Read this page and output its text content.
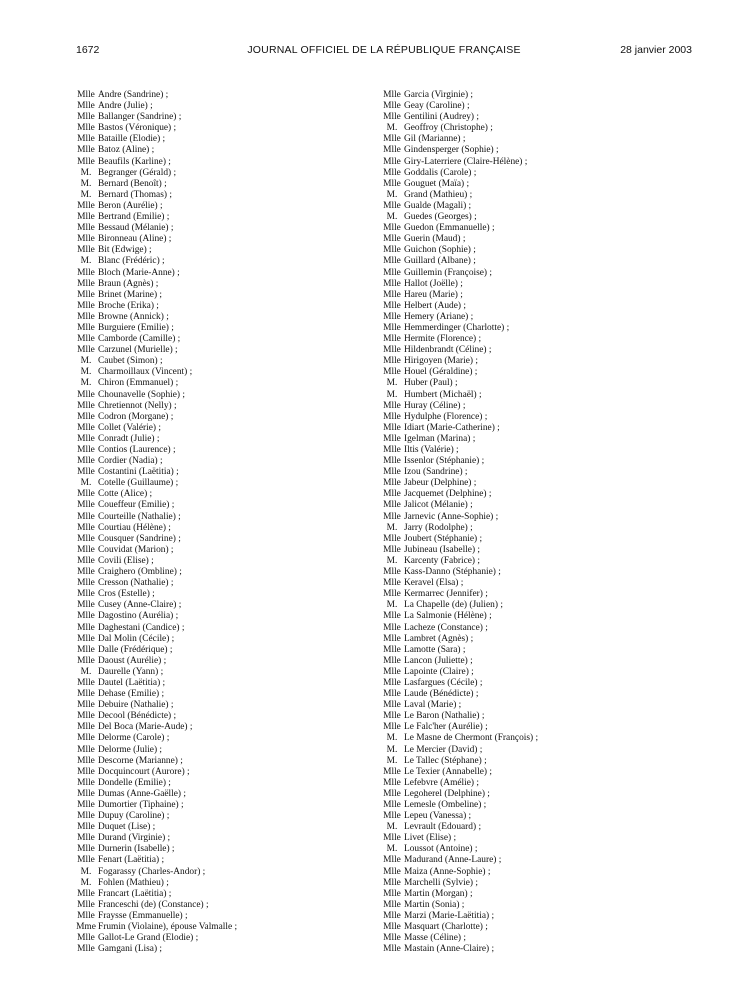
1672	JOURNAL OFFICIEL DE LA RÉPUBLIQUE FRANÇAISE	28 janvier 2003
Mlle Andre (Sandrine) ;
Mlle Andre (Julie) ;
Mlle Ballanger (Sandrine) ;
Mlle Bastos (Véronique) ;
Mlle Bataille (Elodie) ;
Mlle Batoz (Aline) ;
Mlle Beaufils (Karline) ;
M. Begranger (Gérald) ;
M. Bernard (Benoît) ;
M. Bernard (Thomas) ;
Mlle Beron (Aurélie) ;
Mlle Bertrand (Emilie) ;
Mlle Bessaud (Mélanie) ;
Mlle Bironneau (Aline) ;
Mlle Bit (Edwige) ;
M. Blanc (Frédéric) ;
Mlle Bloch (Marie-Anne) ;
Mlle Braun (Agnès) ;
Mlle Brinet (Marine) ;
Mlle Broche (Erika) ;
Mlle Browne (Annick) ;
Mlle Burguiere (Emilie) ;
Mlle Camborde (Camille) ;
Mlle Carzunel (Murielle) ;
M. Caubet (Simon) ;
M. Charmoillaux (Vincent) ;
M. Chiron (Emmanuel) ;
Mlle Chounavelle (Sophie) ;
Mlle Chretiennot (Nelly) ;
Mlle Codron (Morgane) ;
Mlle Collet (Valérie) ;
Mlle Conradt (Julie) ;
Mlle Contios (Laurence) ;
Mlle Cordier (Nadia) ;
Mlle Costantini (Laëtitia) ;
M. Cotelle (Guillaume) ;
Mlle Cotte (Alice) ;
Mlle Coueffeur (Emilie) ;
Mlle Courteille (Nathalie) ;
Mlle Courtiau (Hélène) ;
Mlle Cousquer (Sandrine) ;
Mlle Couvidat (Marion) ;
Mlle Covili (Elise) ;
Mlle Craighero (Ombline) ;
Mlle Cresson (Nathalie) ;
Mlle Cros (Estelle) ;
Mlle Cusey (Anne-Claire) ;
Mlle Dagostino (Aurélia) ;
Mlle Daghestani (Candice) ;
Mlle Dal Molin (Cécile) ;
Mlle Dalle (Frédérique) ;
Mlle Daoust (Aurélie) ;
M. Daurelle (Yann) ;
Mlle Dautel (Laëtitia) ;
Mlle Dehase (Emilie) ;
Mlle Debuire (Nathalie) ;
Mlle Decool (Bénédicte) ;
Mlle Del Boca (Marie-Aude) ;
Mlle Delorme (Carole) ;
Mlle Delorme (Julie) ;
Mlle Descorne (Marianne) ;
Mlle Docquincourt (Aurore) ;
Mlle Dondelle (Emilie) ;
Mlle Dumas (Anne-Gaëlle) ;
Mlle Dumortier (Tiphaine) ;
Mlle Dupuy (Caroline) ;
Mlle Duquet (Lise) ;
Mlle Durand (Virginie) ;
Mlle Durnerin (Isabelle) ;
Mlle Fenart (Laëtitia) ;
M. Fogarassy (Charles-Andor) ;
M. Fohlen (Mathieu) ;
Mlle Francart (Laëtitia) ;
Mlle Franceschi (de) (Constance) ;
Mlle Fraysse (Emmanuelle) ;
Mme Frumin (Violaine), épouse Valmalle ;
Mlle Gallot-Le Grand (Elodie) ;
Mlle Gamgani (Lisa) ;
Mlle Garcia (Virginie) ;
Mlle Geay (Caroline) ;
Mlle Gentilini (Audrey) ;
M. Geoffroy (Christophe) ;
Mlle Gil (Marianne) ;
Mlle Gindensperger (Sophie) ;
Mlle Giry-Laterriere (Claire-Hélène) ;
Mlle Goddalis (Carole) ;
Mlle Gouguet (Maïa) ;
M. Grand (Mathieu) ;
Mlle Gualde (Magali) ;
M. Guedes (Georges) ;
Mlle Guedon (Emmanuelle) ;
Mlle Guerin (Maud) ;
Mlle Guichon (Sophie) ;
Mlle Guillard (Albane) ;
Mlle Guillemin (Françoise) ;
Mlle Hallot (Joëlle) ;
Mlle Hareu (Marie) ;
Mlle Helbert (Aude) ;
Mlle Hemery (Ariane) ;
Mlle Hemmerdinger (Charlotte) ;
Mlle Hermite (Florence) ;
Mlle Hildenbrandt (Céline) ;
Mlle Hirigoyen (Marie) ;
Mlle Houel (Géraldine) ;
M. Huber (Paul) ;
M. Humbert (Michaël) ;
Mlle Huray (Céline) ;
Mlle Hydulphe (Florence) ;
Mlle Idiart (Marie-Catherine) ;
Mlle Igelman (Marina) ;
Mlle Iltis (Valérie) ;
Mlle Issenlor (Stéphanie) ;
Mlle Izou (Sandrine) ;
Mlle Jabeur (Delphine) ;
Mlle Jacquemet (Delphine) ;
Mlle Jalicot (Mélanie) ;
Mlle Jarnevic (Anne-Sophie) ;
M. Jarry (Rodolphe) ;
Mlle Joubert (Stéphanie) ;
Mlle Jubineau (Isabelle) ;
M. Karcenty (Fabrice) ;
Mlle Kass-Danno (Stéphanie) ;
Mlle Keravel (Elsa) ;
Mlle Kermarrec (Jennifer) ;
M. La Chapelle (de) (Julien) ;
Mlle La Salmonie (Hélène) ;
Mlle Lacheze (Constance) ;
Mlle Lambret (Agnès) ;
Mlle Lamotte (Sara) ;
Mlle Lancon (Juliette) ;
Mlle Lapointe (Claire) ;
Mlle Lasfargues (Cécile) ;
Mlle Laude (Bénédicte) ;
Mlle Laval (Marie) ;
Mlle Le Baron (Nathalie) ;
Mlle Le Falc'her (Aurélie) ;
M. Le Masne de Chermont (François) ;
M. Le Mercier (David) ;
M. Le Tallec (Stéphane) ;
Mlle Le Texier (Annabelle) ;
Mlle Lefebvre (Amélie) ;
Mlle Legoherel (Delphine) ;
Mlle Lemesle (Ombeline) ;
Mlle Lepeu (Vanessa) ;
M. Levrault (Edouard) ;
Mlle Livet (Elise) ;
M. Loussot (Antoine) ;
Mlle Madurand (Anne-Laure) ;
Mlle Maiza (Anne-Sophie) ;
Mlle Marchelli (Sylvie) ;
Mlle Martin (Morgan) ;
Mlle Martin (Sonia) ;
Mlle Marzi (Marie-Laëtitia) ;
Mlle Masquart (Charlotte) ;
Mlle Masse (Céline) ;
Mlle Mastain (Anne-Claire) ;
